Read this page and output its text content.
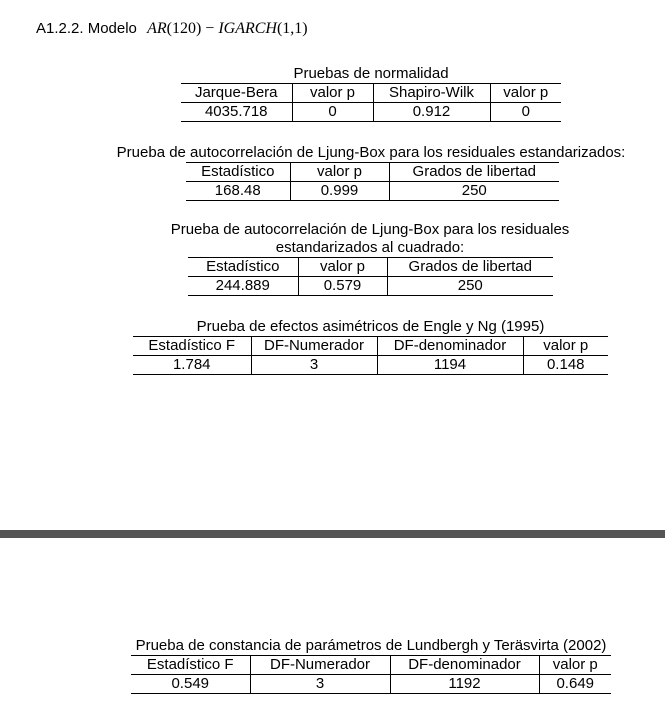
A1.2.2. Modelo AR(120) − IGARCH(1,1)
Pruebas de normalidad
Jarque-Bera	valor p	Shapiro-Wilk	valor p
4035.718	0	0.912	0
Prueba de autocorrelación de Ljung-Box para los residuales estandarizados:
Estadístico	valor p	Grados de libertad
168.48	0.999	250
Prueba de autocorrelación de Ljung-Box para los residuales
estandarizados al cuadrado:
Estadístico	valor p	Grados de libertad
244.889	0.579	250
Prueba de efectos asimétricos de Engle y Ng (1995)
Estadístico F	DF-Numerador	DF-denominador	valor p
1.784	3	1194	0.148
Prueba de constancia de parámetros de Lundbergh y Teräsvirta (2002)
Estadístico F	DF-Numerador	DF-denominador	valor p
0.549	3	1192	0.649
